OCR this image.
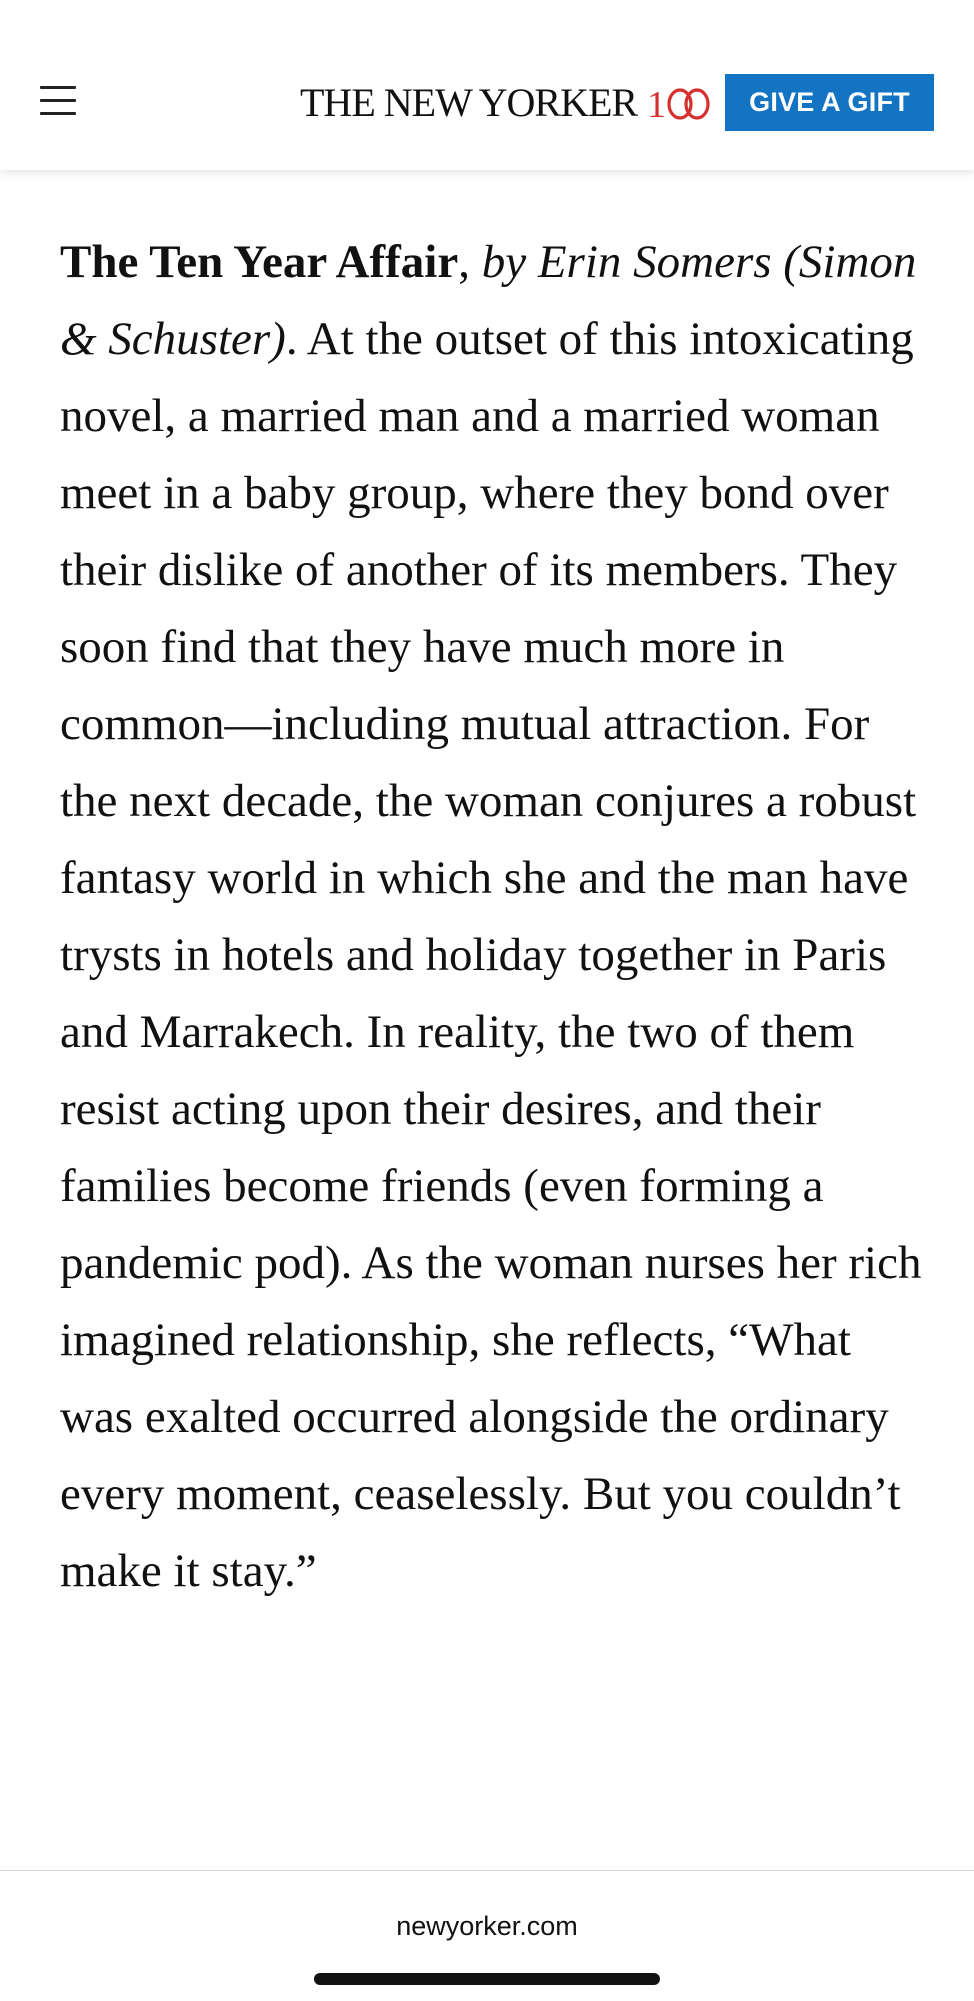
THE NEW YORKER 1	GIVE A GIFT
The Ten Year Affair, by Erin Somers (Simon & Schuster). At the outset of this intoxicating novel, a married man and a married woman meet in a baby group, where they bond over their dislike of another of its members. They soon find that they have much more in common—including mutual attraction. For the next decade, the woman conjures a robust fantasy world in which she and the man have trysts in hotels and holiday together in Paris and Marrakech. In reality, the two of them resist acting upon their desires, and their families become friends (even forming a pandemic pod). As the woman nurses her rich imagined relationship, she reflects, “What was exalted occurred alongside the ordinary every moment, ceaselessly. But you couldn’t make it stay.”
newyorker.com
